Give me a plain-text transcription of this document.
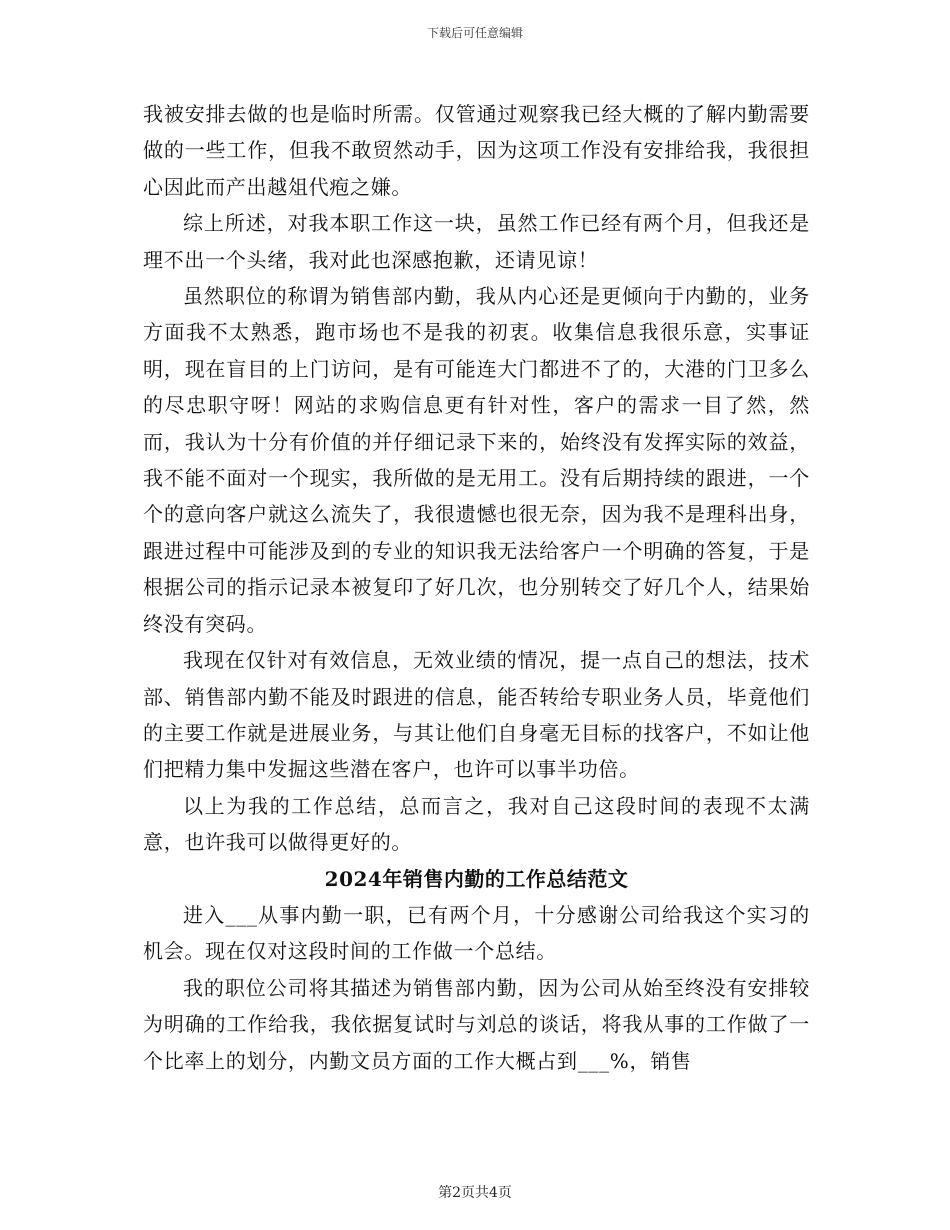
下载后可任意编辑

我被安排去做的也是临时所需。仅管通过观察我已经大概的了解内勤需要做的一些工作，但我不敢贸然动手，因为这项工作没有安排给我，我很担心因此而产出越俎代疱之嫌。

综上所述，对我本职工作这一块，虽然工作已经有两个月，但我还是理不出一个头绪，我对此也深感抱歉，还请见谅！

虽然职位的称谓为销售部内勤，我从内心还是更倾向于内勤的，业务方面我不太熟悉，跑市场也不是我的初衷。收集信息我很乐意，实事证明，现在盲目的上门访问，是有可能连大门都进不了的，大港的门卫多么的尽忠职守呀！网站的求购信息更有针对性，客户的需求一目了然，然而，我认为十分有价值的并仔细记录下来的，始终没有发挥实际的效益，我不能不面对一个现实，我所做的是无用工。没有后期持续的跟进，一个个的意向客户就这么流失了，我很遗憾也很无奈，因为我不是理科出身，跟进过程中可能涉及到的专业的知识我无法给客户一个明确的答复，于是根据公司的指示记录本被复印了好几次，也分别转交了好几个人，结果始终没有突码。

我现在仅针对有效信息，无效业绩的情况，提一点自己的想法，技术部、销售部内勤不能及时跟进的信息，能否转给专职业务人员，毕竟他们的主要工作就是进展业务，与其让他们自身毫无目标的找客户，不如让他们把精力集中发掘这些潜在客户，也许可以事半功倍。

以上为我的工作总结，总而言之，我对自己这段时间的表现不太满意，也许我可以做得更好的。

2024年销售内勤的工作总结范文

进入___从事内勤一职，已有两个月，十分感谢公司给我这个实习的机会。现在仅对这段时间的工作做一个总结。

我的职位公司将其描述为销售部内勤，因为公司从始至终没有安排较为明确的工作给我，我依据复试时与刘总的谈话，将我从事的工作做了一个比率上的划分，内勤文员方面的工作大概占到___%，销售

第2页共4页
